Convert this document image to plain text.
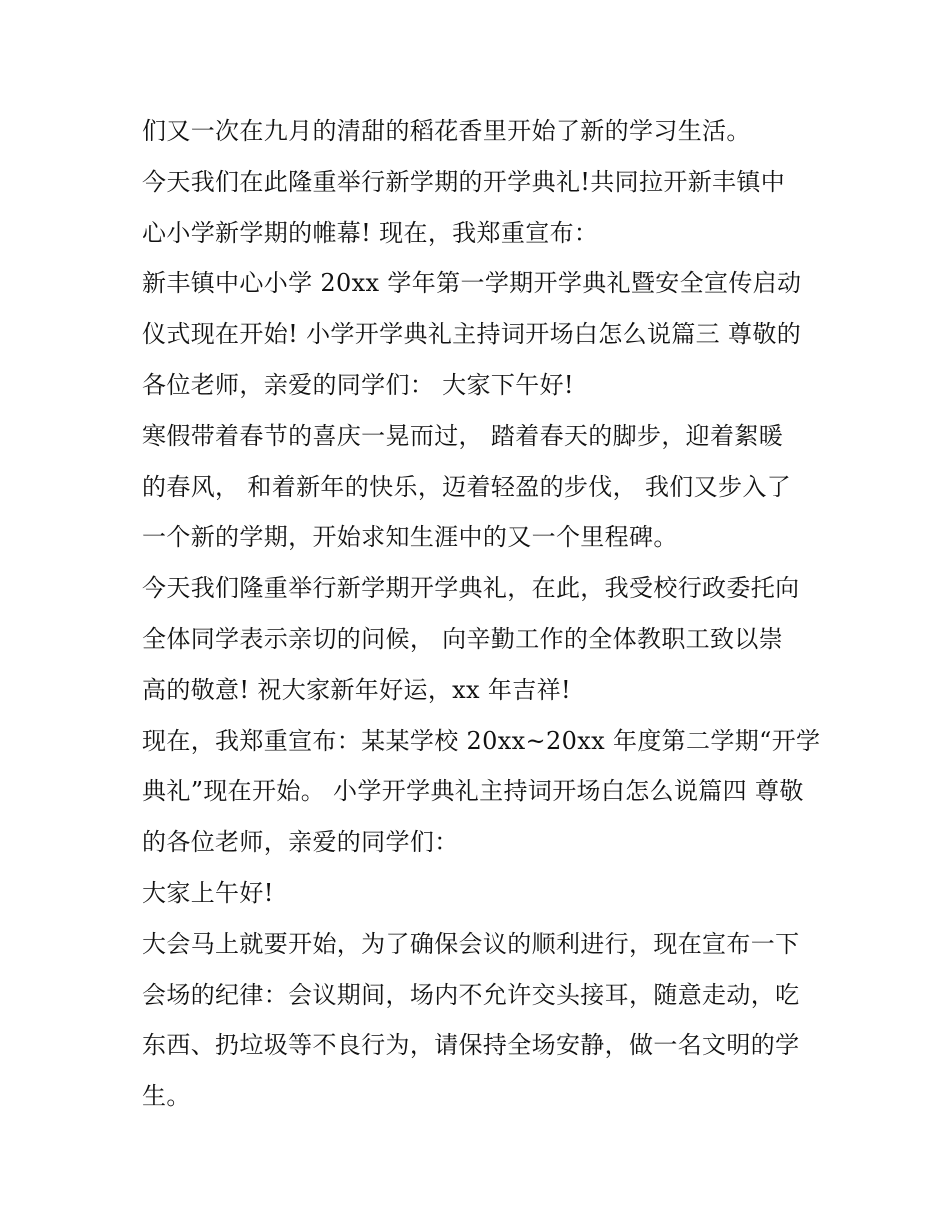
们又一次在九月的清甜的稻花香里开始了新的学习生活。
今天我们在此隆重举行新学期的开学典礼!共同拉开新丰镇中
心小学新学期的帷幕! 现在，我郑重宣布：
新丰镇中心小学 20xx 学年第一学期开学典礼暨安全宣传启动
仪式现在开始! 小学开学典礼主持词开场白怎么说篇三 尊敬的
各位老师，亲爱的同学们： 大家下午好!
寒假带着春节的喜庆一晃而过， 踏着春天的脚步，迎着絮暖
的春风， 和着新年的快乐，迈着轻盈的步伐， 我们又步入了
一个新的学期，开始求知生涯中的又一个里程碑。
今天我们隆重举行新学期开学典礼，在此，我受校行政委托向
全体同学表示亲切的问候， 向辛勤工作的全体教职工致以崇
高的敬意! 祝大家新年好运，xx 年吉祥!
现在，我郑重宣布：某某学校 20xx~20xx 年度第二学期“开学
典礼”现在开始。 小学开学典礼主持词开场白怎么说篇四 尊敬
的各位老师，亲爱的同学们：
大家上午好!
大会马上就要开始，为了确保会议的顺利进行，现在宣布一下
会场的纪律：会议期间，场内不允许交头接耳，随意走动，吃
东西、扔垃圾等不良行为，请保持全场安静，做一名文明的学
生。
